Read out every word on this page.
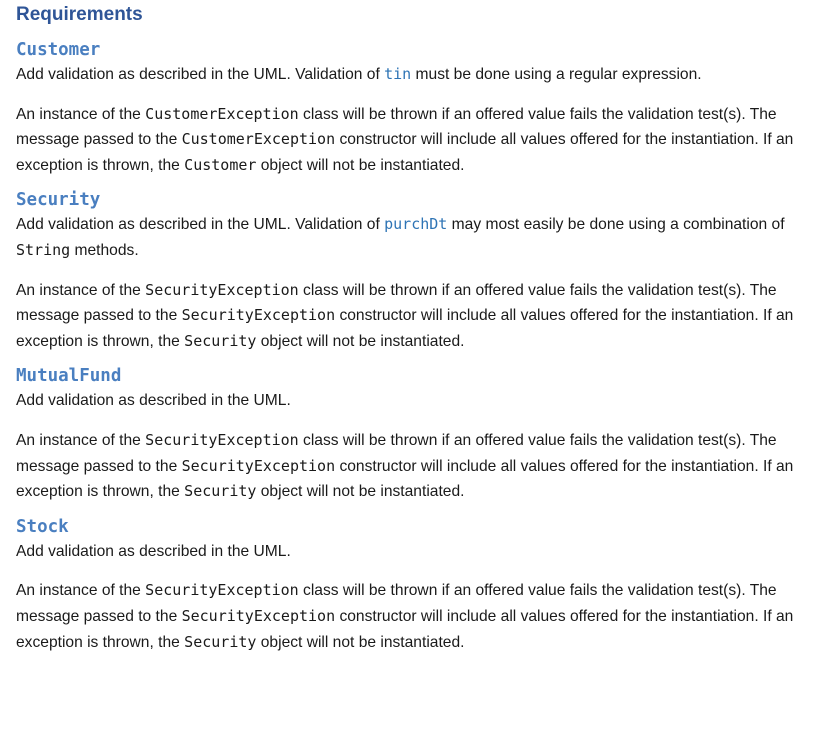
Requirements
Customer

Add validation as described in the UML. Validation of tin must be done using a regular expression.

An instance of the CustomerException class will be thrown if an offered value fails the validation test(s). The message passed to the CustomerException constructor will include all values offered for the instantiation. If an exception is thrown, the Customer object will not be instantiated.

Security

Add validation as described in the UML. Validation of purchDt may most easily be done using a combination of String methods.

An instance of the SecurityException class will be thrown if an offered value fails the validation test(s). The message passed to the SecurityException constructor will include all values offered for the instantiation. If an exception is thrown, the Security object will not be instantiated.

MutualFund

Add validation as described in the UML.

An instance of the SecurityException class will be thrown if an offered value fails the validation test(s). The message passed to the SecurityException constructor will include all values offered for the instantiation. If an exception is thrown, the Security object will not be instantiated.

Stock

Add validation as described in the UML.

An instance of the SecurityException class will be thrown if an offered value fails the validation test(s). The message passed to the SecurityException constructor will include all values offered for the instantiation. If an exception is thrown, the Security object will not be instantiated.
